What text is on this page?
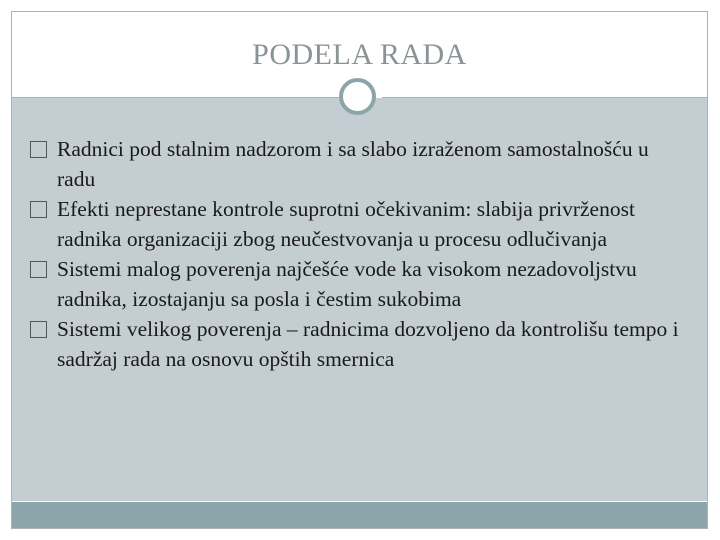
PODELA RADA
Radnici pod stalnim nadzorom i sa slabo izraženom samostalnošću u radu
Efekti neprestane kontrole suprotni očekivanim: slabija privrženost radnika organizaciji zbog neučestvovanja u procesu odlučivanja
Sistemi malog poverenja najčešće vode ka visokom nezadovoljstvu radnika, izostajanju sa posla i čestim sukobima
Sistemi velikog poverenja – radnicima dozvoljeno da kontrolišu tempo i sadržaj rada na osnovu opštih smernica
